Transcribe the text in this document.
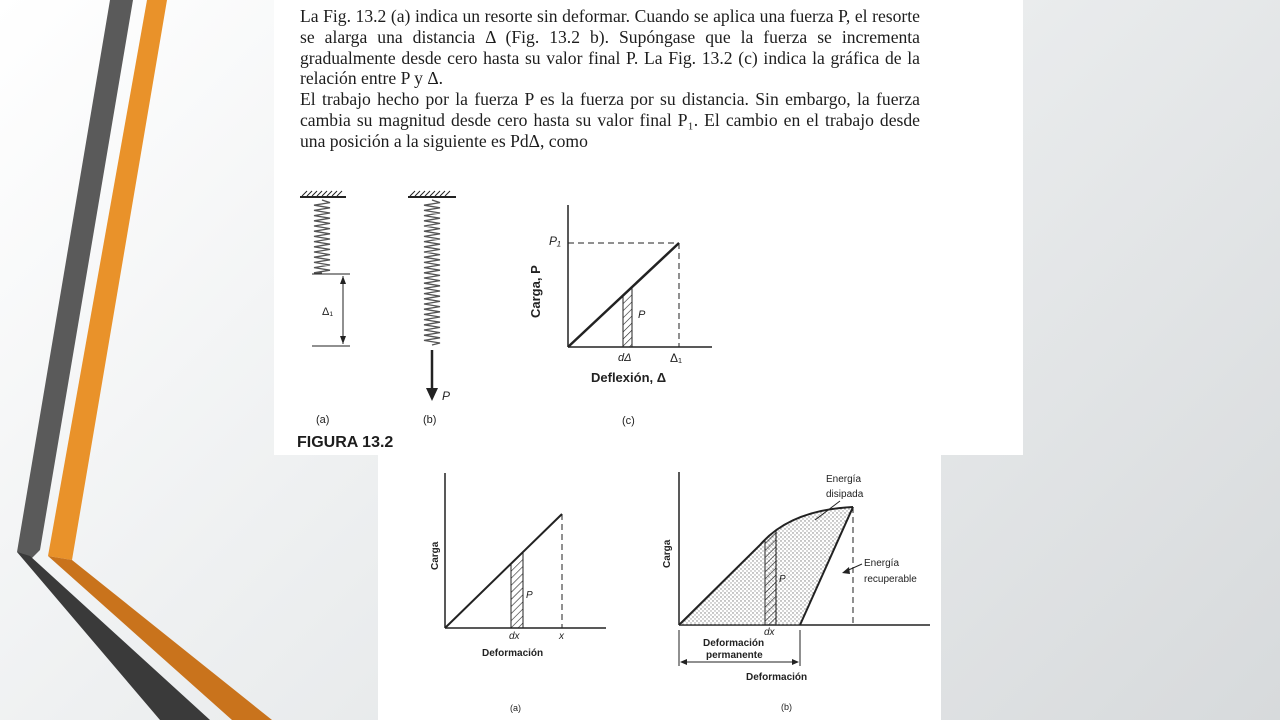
La Fig. 13.2 (a) indica un resorte sin deformar. Cuando se aplica una fuerza P, el resorte se alarga una distancia Δ (Fig. 13.2 b). Supóngase que la fuerza se incrementa gradualmente desde cero hasta su valor final P. La Fig. 13.2 (c) indica la gráfica de la relación entre P y Δ.

El trabajo hecho por la fuerza P es la fuerza por su distancia. Sin embargo, la fuerza cambia su magnitud desde cero hasta su valor final P₁. El cambio en el trabajo desde una posición a la siguiente es PdΔ, como

Δ₁
(a)
P
(b)
P₁
P
dΔ	Δ₁
Carga, P
Deflexión, Δ
(c)

FIGURA 13.2

P
dx	x
Carga
Deformación
(a)
P
dx
Carga
Energía
disipada
Energía
recuperable
Deformación
permanente
Deformación
(b)
